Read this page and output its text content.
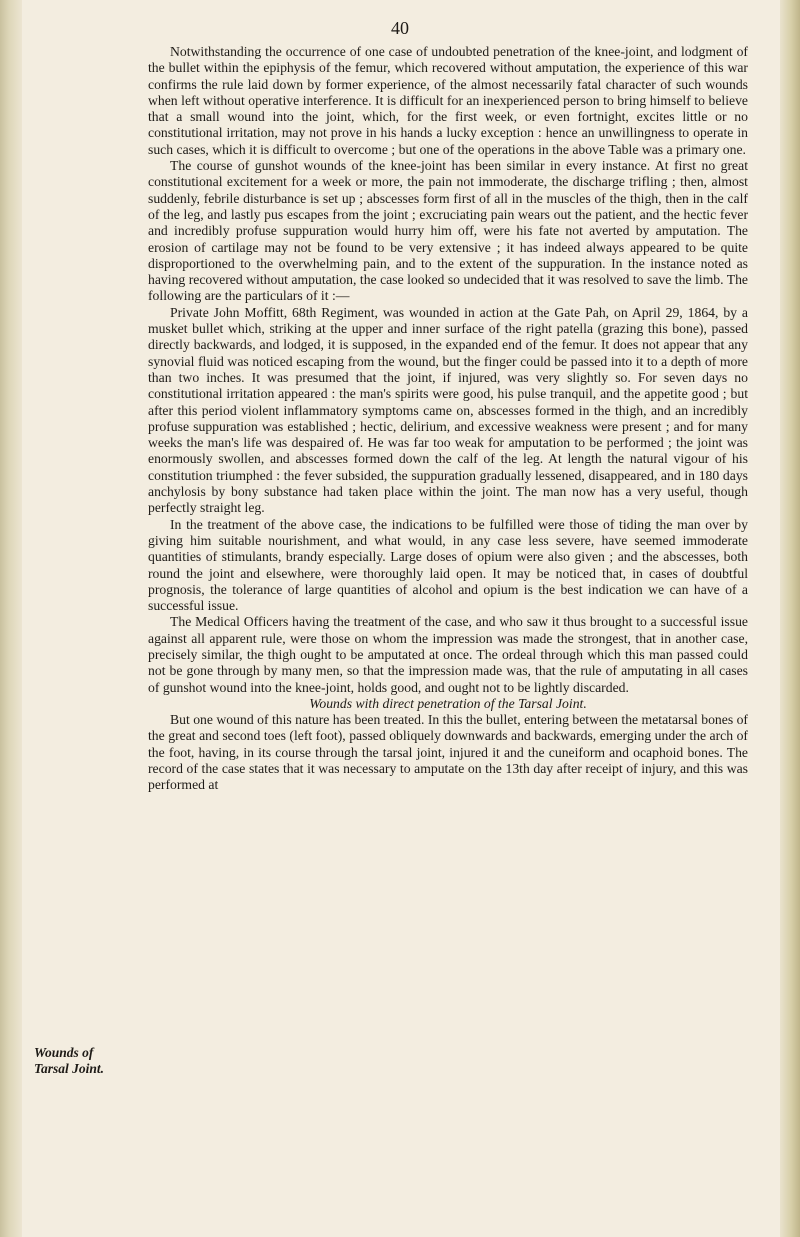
40
Wounds of
Tarsal Joint.

Notwithstanding the occurrence of one case of undoubted penetration of the knee-joint, and lodgment of the bullet within the epiphysis of the femur, which recovered without amputation, the experience of this war confirms the rule laid down by former experience, of the almost necessarily fatal character of such wounds when left without operative interference. It is difficult for an inexperienced person to bring himself to believe that a small wound into the joint, which, for the first week, or even fortnight, excites little or no constitutional irritation, may not prove in his hands a lucky exception : hence an unwillingness to operate in such cases, which it is difficult to overcome ; but one of the operations in the above Table was a primary one.

The course of gunshot wounds of the knee-joint has been similar in every instance. At first no great constitutional excitement for a week or more, the pain not immoderate, the discharge trifling ; then, almost suddenly, febrile disturbance is set up ; abscesses form first of all in the muscles of the thigh, then in the calf of the leg, and lastly pus escapes from the joint ; excruciating pain wears out the patient, and the hectic fever and incredibly profuse suppuration would hurry him off, were his fate not averted by amputation. The erosion of cartilage may not be found to be very extensive ; it has indeed always appeared to be quite disproportioned to the overwhelming pain, and to the extent of the suppuration. In the instance noted as having recovered without amputation, the case looked so undecided that it was resolved to save the limb. The following are the particulars of it :—

Private John Moffitt, 68th Regiment, was wounded in action at the Gate Pah, on April 29, 1864, by a musket bullet which, striking at the upper and inner surface of the right patella (grazing this bone), passed directly backwards, and lodged, it is supposed, in the expanded end of the femur. It does not appear that any synovial fluid was noticed escaping from the wound, but the finger could be passed into it to a depth of more than two inches. It was presumed that the joint, if injured, was very slightly so. For seven days no constitutional irritation appeared : the man's spirits were good, his pulse tranquil, and the appetite good ; but after this period violent inflammatory symptoms came on, abscesses formed in the thigh, and an incredibly profuse suppuration was established ; hectic, delirium, and excessive weakness were present ; and for many weeks the man's life was despaired of. He was far too weak for amputation to be performed ; the joint was enormously swollen, and abscesses formed down the calf of the leg. At length the natural vigour of his constitution triumphed : the fever subsided, the suppuration gradually lessened, disappeared, and in 180 days anchylosis by bony substance had taken place within the joint. The man now has a very useful, though perfectly straight leg.

In the treatment of the above case, the indications to be fulfilled were those of tiding the man over by giving him suitable nourishment, and what would, in any case less severe, have seemed immoderate quantities of stimulants, brandy especially. Large doses of opium were also given ; and the abscesses, both round the joint and elsewhere, were thoroughly laid open. It may be noticed that, in cases of doubtful prognosis, the tolerance of large quantities of alcohol and opium is the best indication we can have of a successful issue.

The Medical Officers having the treatment of the case, and who saw it thus brought to a successful issue against all apparent rule, were those on whom the impression was made the strongest, that in another case, precisely similar, the thigh ought to be amputated at once. The ordeal through which this man passed could not be gone through by many men, so that the impression made was, that the rule of amputating in all cases of gunshot wound into the knee-joint, holds good, and ought not to be lightly discarded.

Wounds with direct penetration of the Tarsal Joint.

But one wound of this nature has been treated. In this the bullet, entering between the metatarsal bones of the great and second toes (left foot), passed obliquely downwards and backwards, emerging under the arch of the foot, having, in its course through the tarsal joint, injured it and the cuneiform and ocaphoid bones. The record of the case states that it was necessary to amputate on the 13th day after receipt of injury, and this was performed at
